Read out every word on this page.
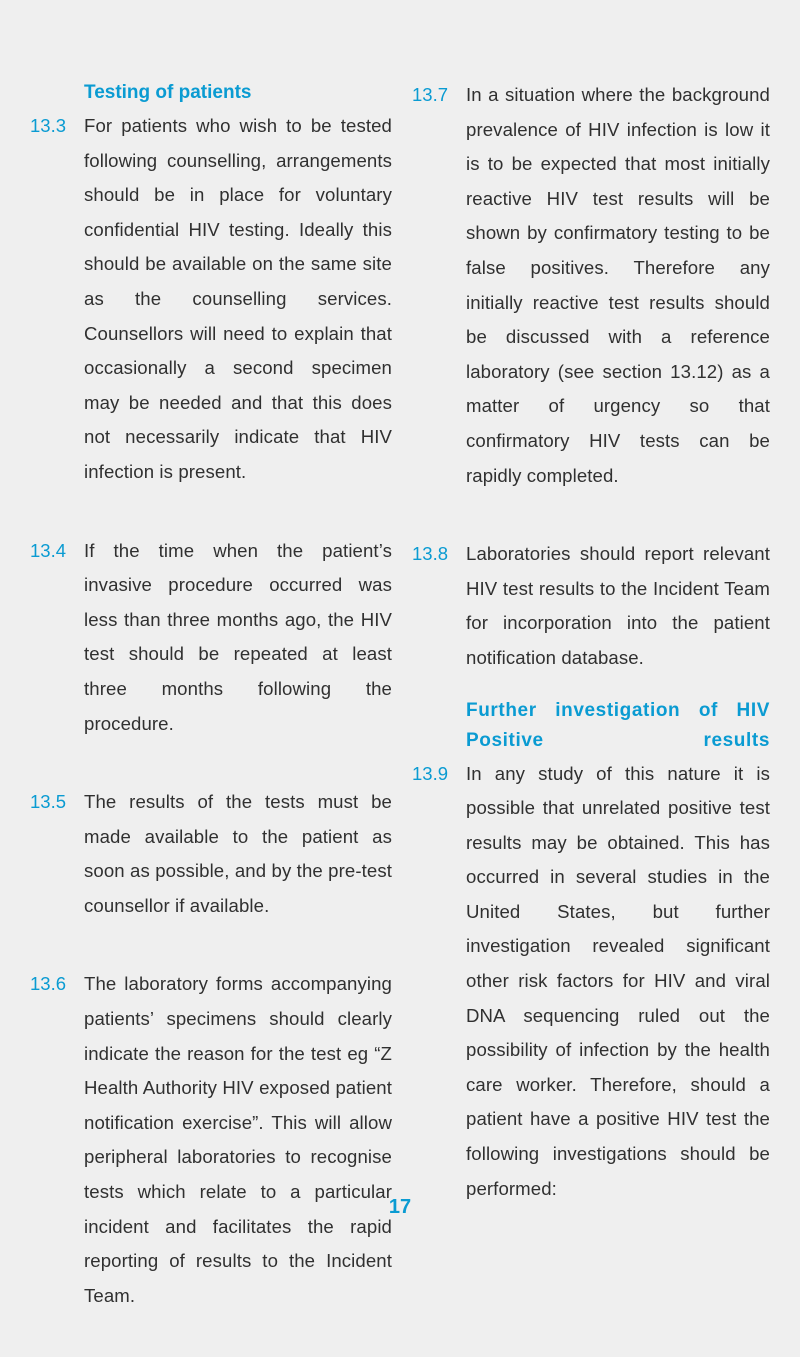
Testing of patients
13.3 For patients who wish to be tested following counselling, arrangements should be in place for voluntary confidential HIV testing. Ideally this should be available on the same site as the counselling services. Counsellors will need to explain that occasionally a second specimen may be needed and that this does not necessarily indicate that HIV infection is present.
13.4 If the time when the patient’s invasive procedure occurred was less than three months ago, the HIV test should be repeated at least three months following the procedure.
13.5 The results of the tests must be made available to the patient as soon as possible, and by the pre-test counsellor if available.
13.6 The laboratory forms accompanying patients’ specimens should clearly indicate the reason for the test eg “Z Health Authority HIV exposed patient notification exercise”. This will allow peripheral laboratories to recognise tests which relate to a particular incident and facilitates the rapid reporting of results to the Incident Team.
13.7 In a situation where the background prevalence of HIV infection is low it is to be expected that most initially reactive HIV test results will be shown by confirmatory testing to be false positives. Therefore any initially reactive test results should be discussed with a reference laboratory (see section 13.12) as a matter of urgency so that confirmatory HIV tests can be rapidly completed.
13.8 Laboratories should report relevant HIV test results to the Incident Team for incorporation into the patient notification database.
Further investigation of HIV Positive results
13.9 In any study of this nature it is possible that unrelated positive test results may be obtained. This has occurred in several studies in the United States, but further investigation revealed significant other risk factors for HIV and viral DNA sequencing ruled out the possibility of infection by the health care worker. Therefore, should a patient have a positive HIV test the following investigations should be performed:
17
